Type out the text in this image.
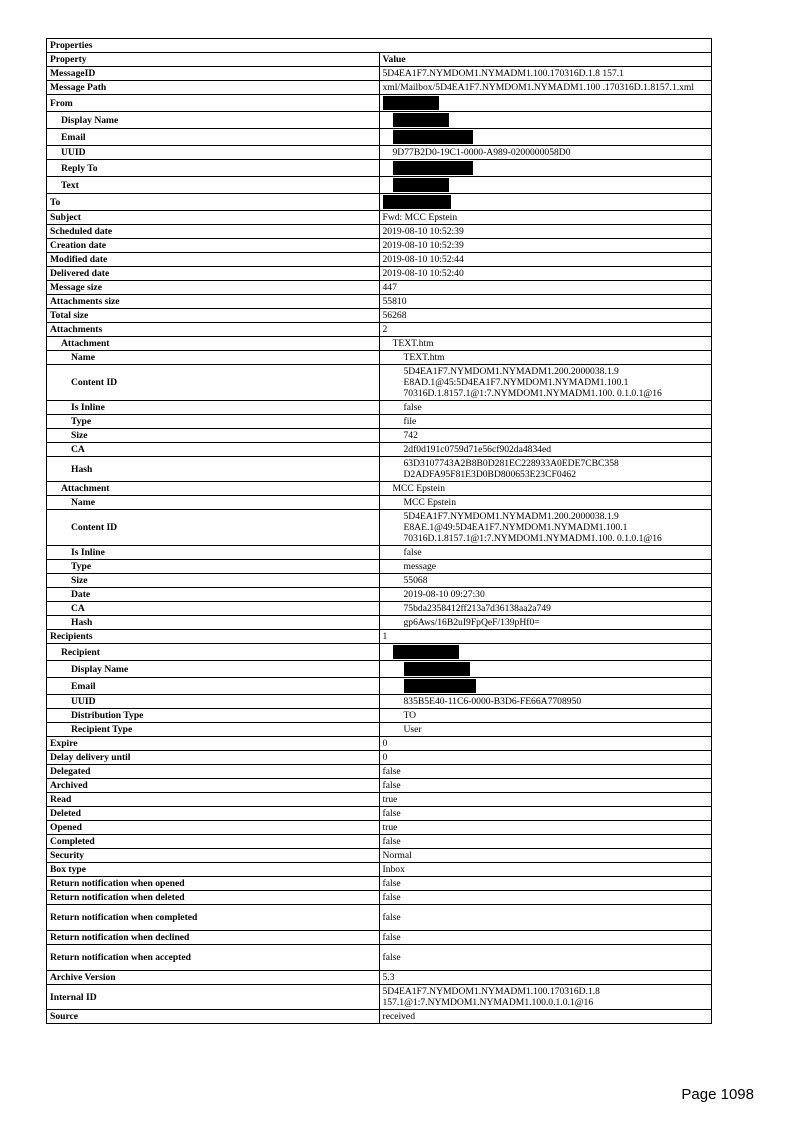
Properties	
Property	Value
MessageID	5D4EA1F7.NYMDOM1.NYMADM1.100.170316D.1.8 157.1
Message Path	xml/Mailbox/5D4EA1F7.NYMDOM1.NYMADM1.100 .170316D.1.8157.1.xml
From	
Display Name	
Email	
UUID	9D77B2D0-19C1-0000-A989-0200000058D0
Reply To	
Text	
To	
Subject	Fwd: MCC Epstein
Scheduled date	2019-08-10 10:52:39
Creation date	2019-08-10 10:52:39
Modified date	2019-08-10 10:52:44
Delivered date	2019-08-10 10:52:40
Message size	447
Attachments size	55810
Total size	56268
Attachments	2
Attachment	TEXT.htm
Name	TEXT.htm
Content ID	5D4EA1F7.NYMDOM1.NYMADM1.200.2000038.1.9
E8AD.1@45:5D4EA1F7.NYMDOM1.NYMADM1.100.1
70316D.1.8157.1@1:7.NYMDOM1.NYMADM1.100. 0.1.0.1@16

Is Inline	false
Type	file
Size	742
CA	2df0d191c0759d71e56cf902da4834ed
Hash	63D3107743A2B8B0D281EC228933A0EDE7CBC358 D2ADFA95F81E3D0BD800653E23CF0462
Attachment	MCC Epstein
Name	MCC Epstein
Content ID	5D4EA1F7.NYMDOM1.NYMADM1.200.2000038.1.9
E8AE.1@49:5D4EA1F7.NYMDOM1.NYMADM1.100.1
70316D.1.8157.1@1:7.NYMDOM1.NYMADM1.100. 0.1.0.1@16

Is Inline	false
Type	message
Size	55068
Date	2019-08-10 09:27:30
CA	75bda2358412ff213a7d36138aa2a749
Hash	gp6Aws/16B2uI9FpQeF/139pHf0=
Recipients	1
Recipient	
Display Name	
Email	
UUID	835B5E40-11C6-0000-B3D6-FE66A7708950
Distribution Type	TO
Recipient Type	User
Expire	0
Delay delivery until	0
Delegated	false
Archived	false
Read	true
Deleted	false
Opened	true
Completed	false
Security	Normal
Box type	Inbox
Return notification when opened	false
Return notification when deleted	false
Return notification when completed	false
Return notification when declined	false
Return notification when accepted	false
Archive Version	5.3
Internal ID	5D4EA1F7.NYMDOM1.NYMADM1.100.170316D.1.8 157.1@1:7.NYMDOM1.NYMADM1.100.0.1.0.1@16
Source	received
Page 1098
